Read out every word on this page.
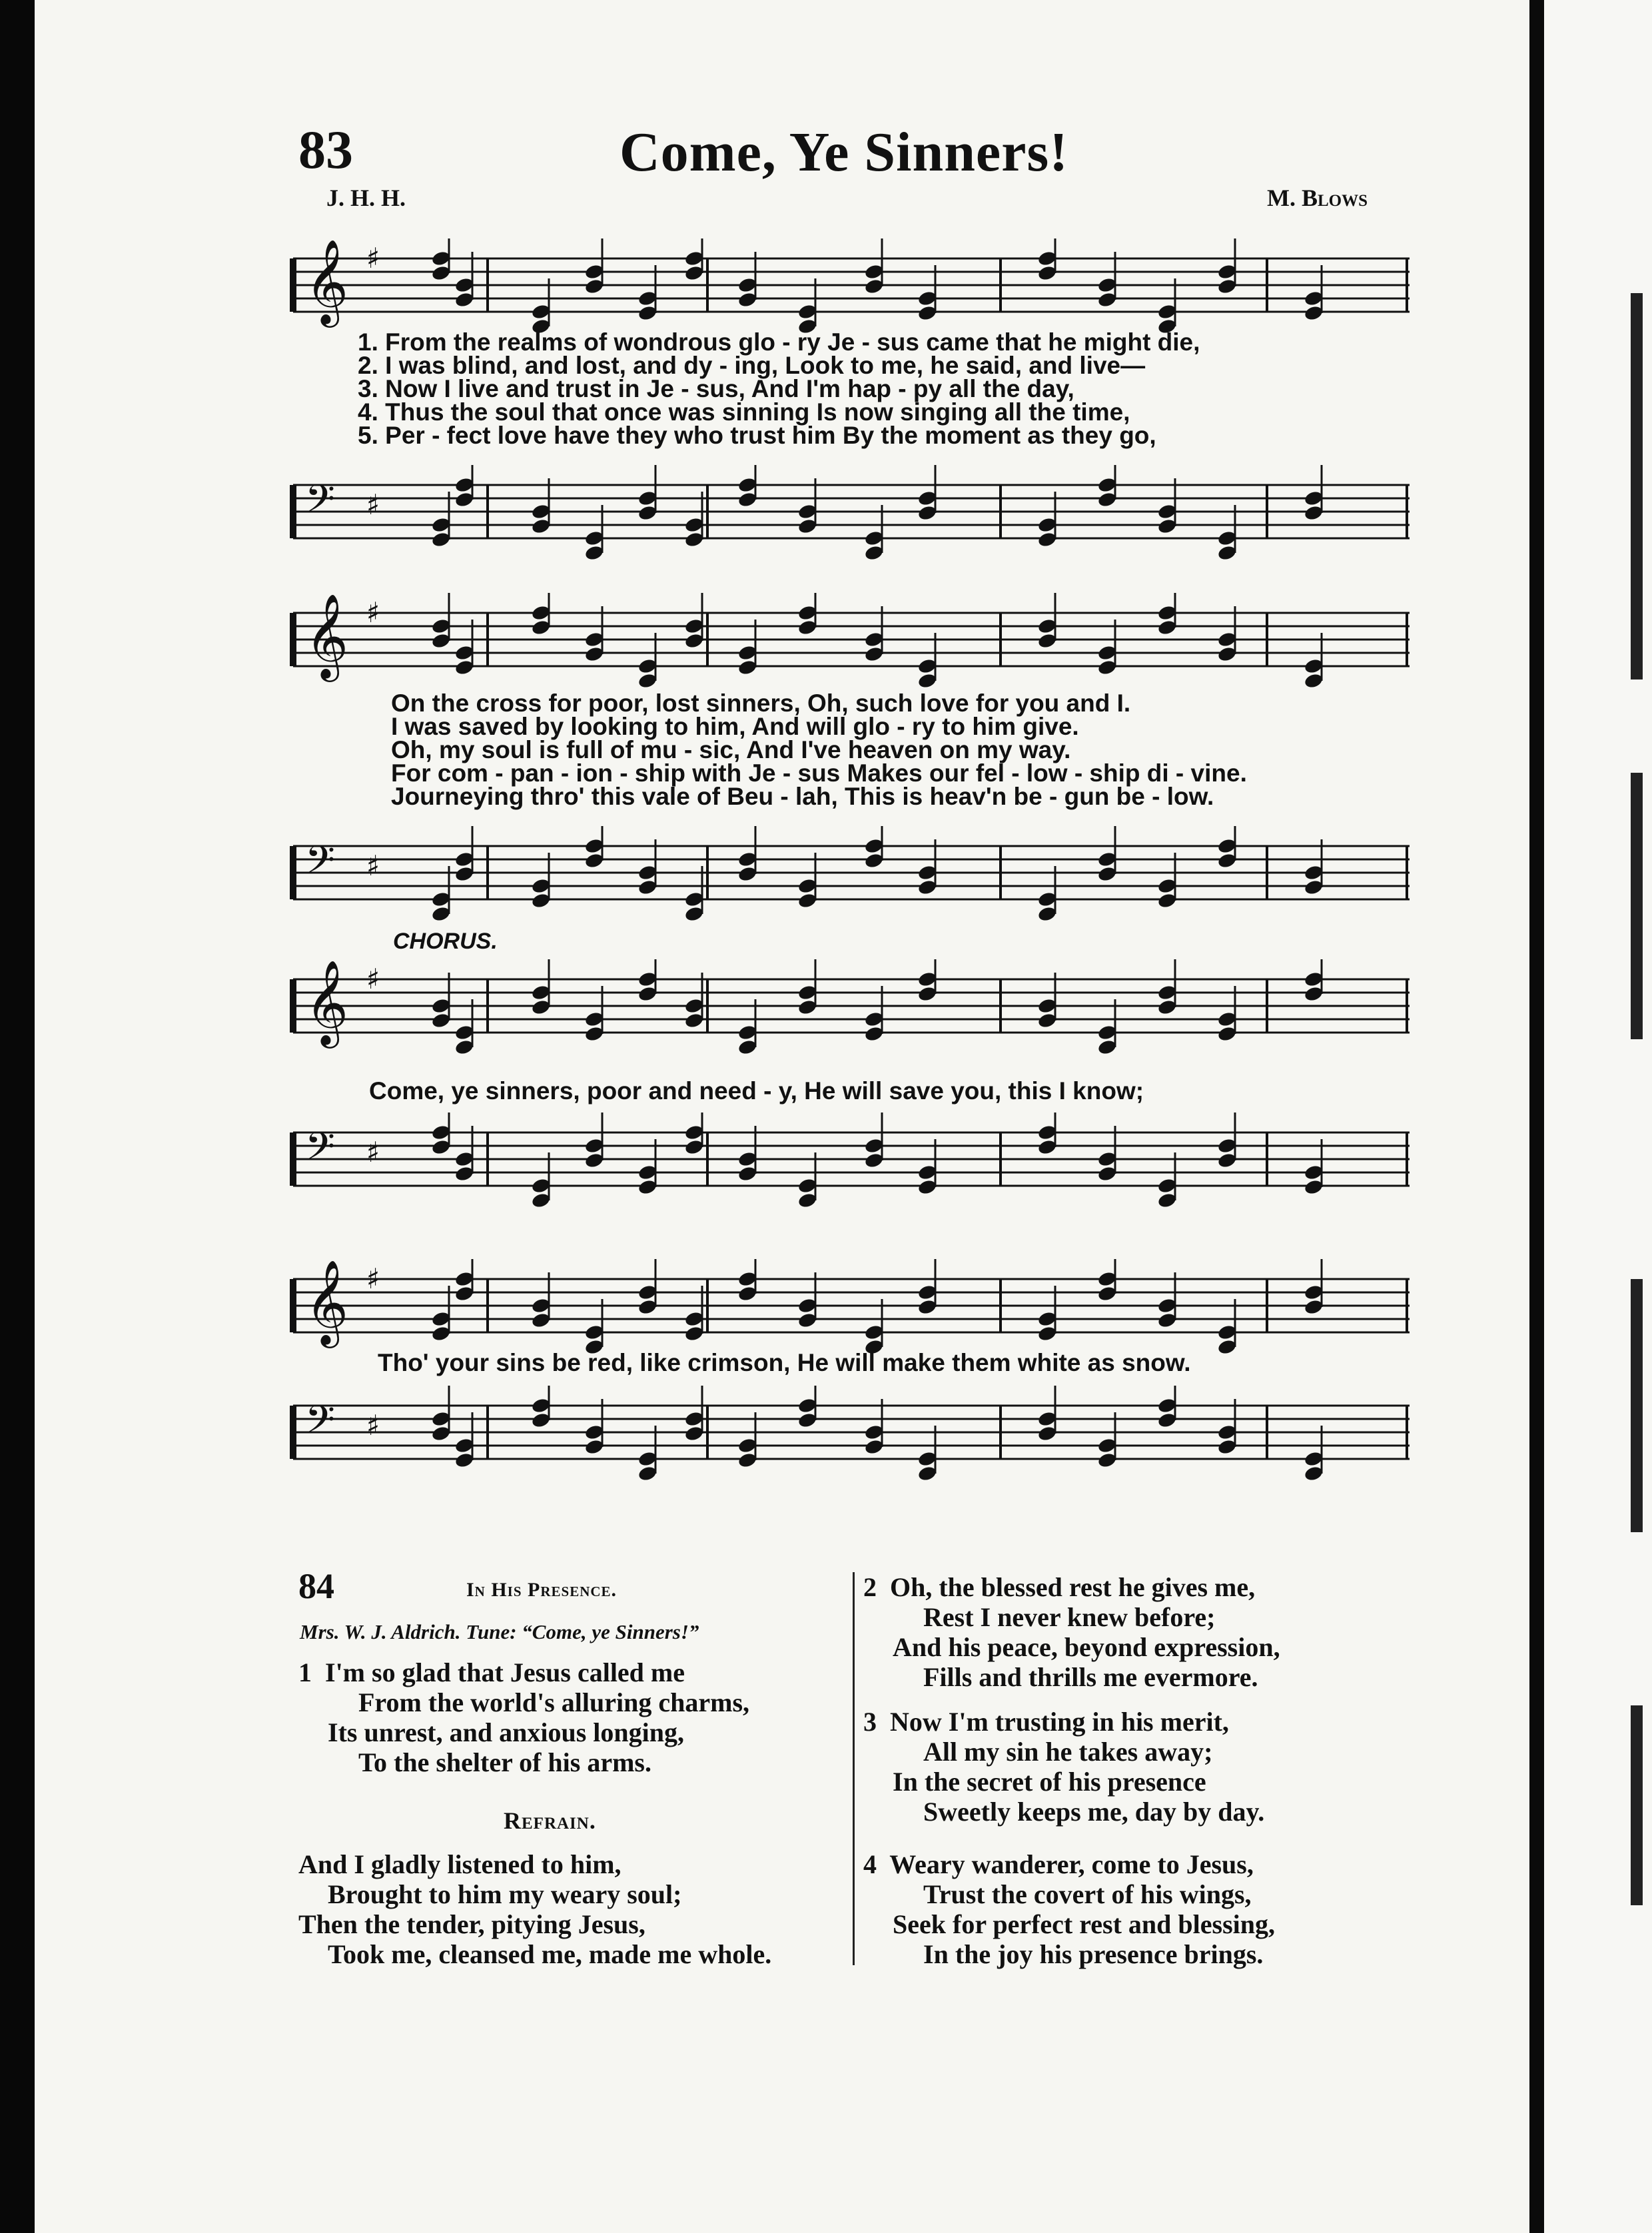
83	Come, Ye Sinners!
J. H. H.	M. Blows
𝄞 ♯
1. From the realms of wondrous glo - ry Je - sus came that he might die,
2. I was blind, and lost, and dy - ing, Look to me, he said, and live—
3. Now I live and trust in Je - sus, And I'm hap - py all the day,
4. Thus the soul that once was sinning Is now singing all the time,
5. Per - fect love have they who trust him By the moment as they go,
𝄢 ♯
𝄞 ♯
On the cross for poor, lost sinners, Oh, such love for you and I.
I was saved by looking to him, And will glo - ry to him give.
Oh, my soul is full of mu - sic, And I've heaven on my way.
For com - pan - ion - ship with Je - sus Makes our fel - low - ship di - vine.
Journeying thro' this vale of Beu - lah, This is heav'n be - gun be - low.
𝄢 ♯
CHORUS.
𝄞 ♯
Come, ye sinners, poor and need - y, He will save you, this I know;
𝄢 ♯
𝄞 ♯
Tho' your sins be red, like crimson, He will make them white as snow.
𝄢 ♯
84	In His Presence.
Mrs. W. J. Aldrich. Tune: “Come, ye Sinners!”
1 I'm so glad that Jesus called me
From the world's alluring charms,
Its unrest, and anxious longing,
To the shelter of his arms.
Refrain.
And I gladly listened to him,
Brought to him my weary soul;
Then the tender, pitying Jesus,
Took me, cleansed me, made me whole.
2 Oh, the blessed rest he gives me,
Rest I never knew before;
And his peace, beyond expression,
Fills and thrills me evermore.
3 Now I'm trusting in his merit,
All my sin he takes away;
In the secret of his presence
Sweetly keeps me, day by day.
4 Weary wanderer, come to Jesus,
Trust the covert of his wings,
Seek for perfect rest and blessing,
In the joy his presence brings.
